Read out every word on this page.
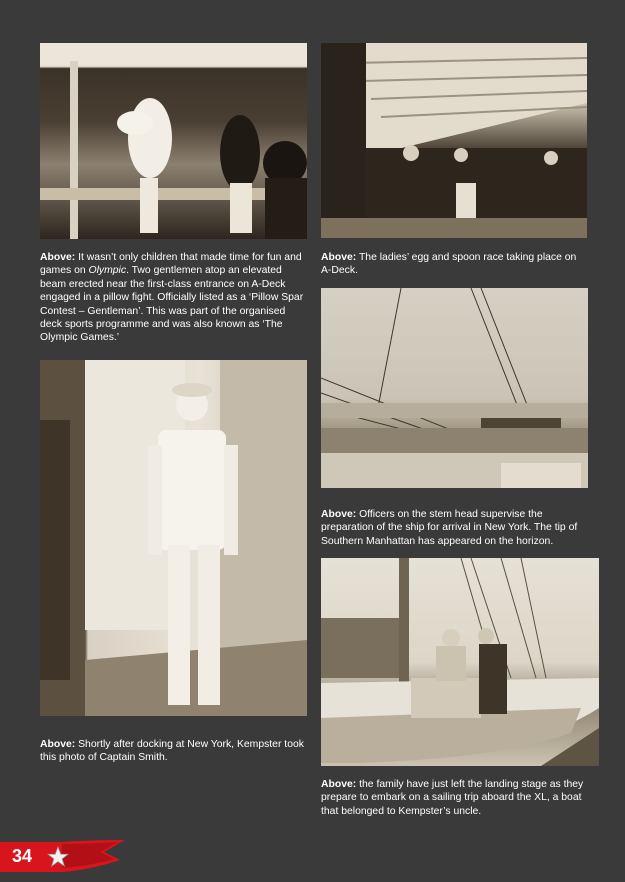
Above: It wasn’t only children that made time for fun and games on Olympic. Two gentlemen atop an elevated beam erected near the first-class entrance on A-Deck engaged in a pillow fight. Officially listed as a ‘Pillow Spar Contest – Gentleman’. This was part of the organised deck sports programme and was also known as ‘The Olympic Games.’
Above: The ladies’ egg and spoon race taking place on A-Deck.
Above: Officers on the stem head supervise the preparation of the ship for arrival in New York. The tip of Southern Manhattan has appeared on the horizon.
Above: Shortly after docking at New York, Kempster took this photo of Captain Smith.
Above: the family have just left the landing stage as they prepare to embark on a sailing trip aboard the XL, a boat that belonged to Kempster’s uncle.
34
